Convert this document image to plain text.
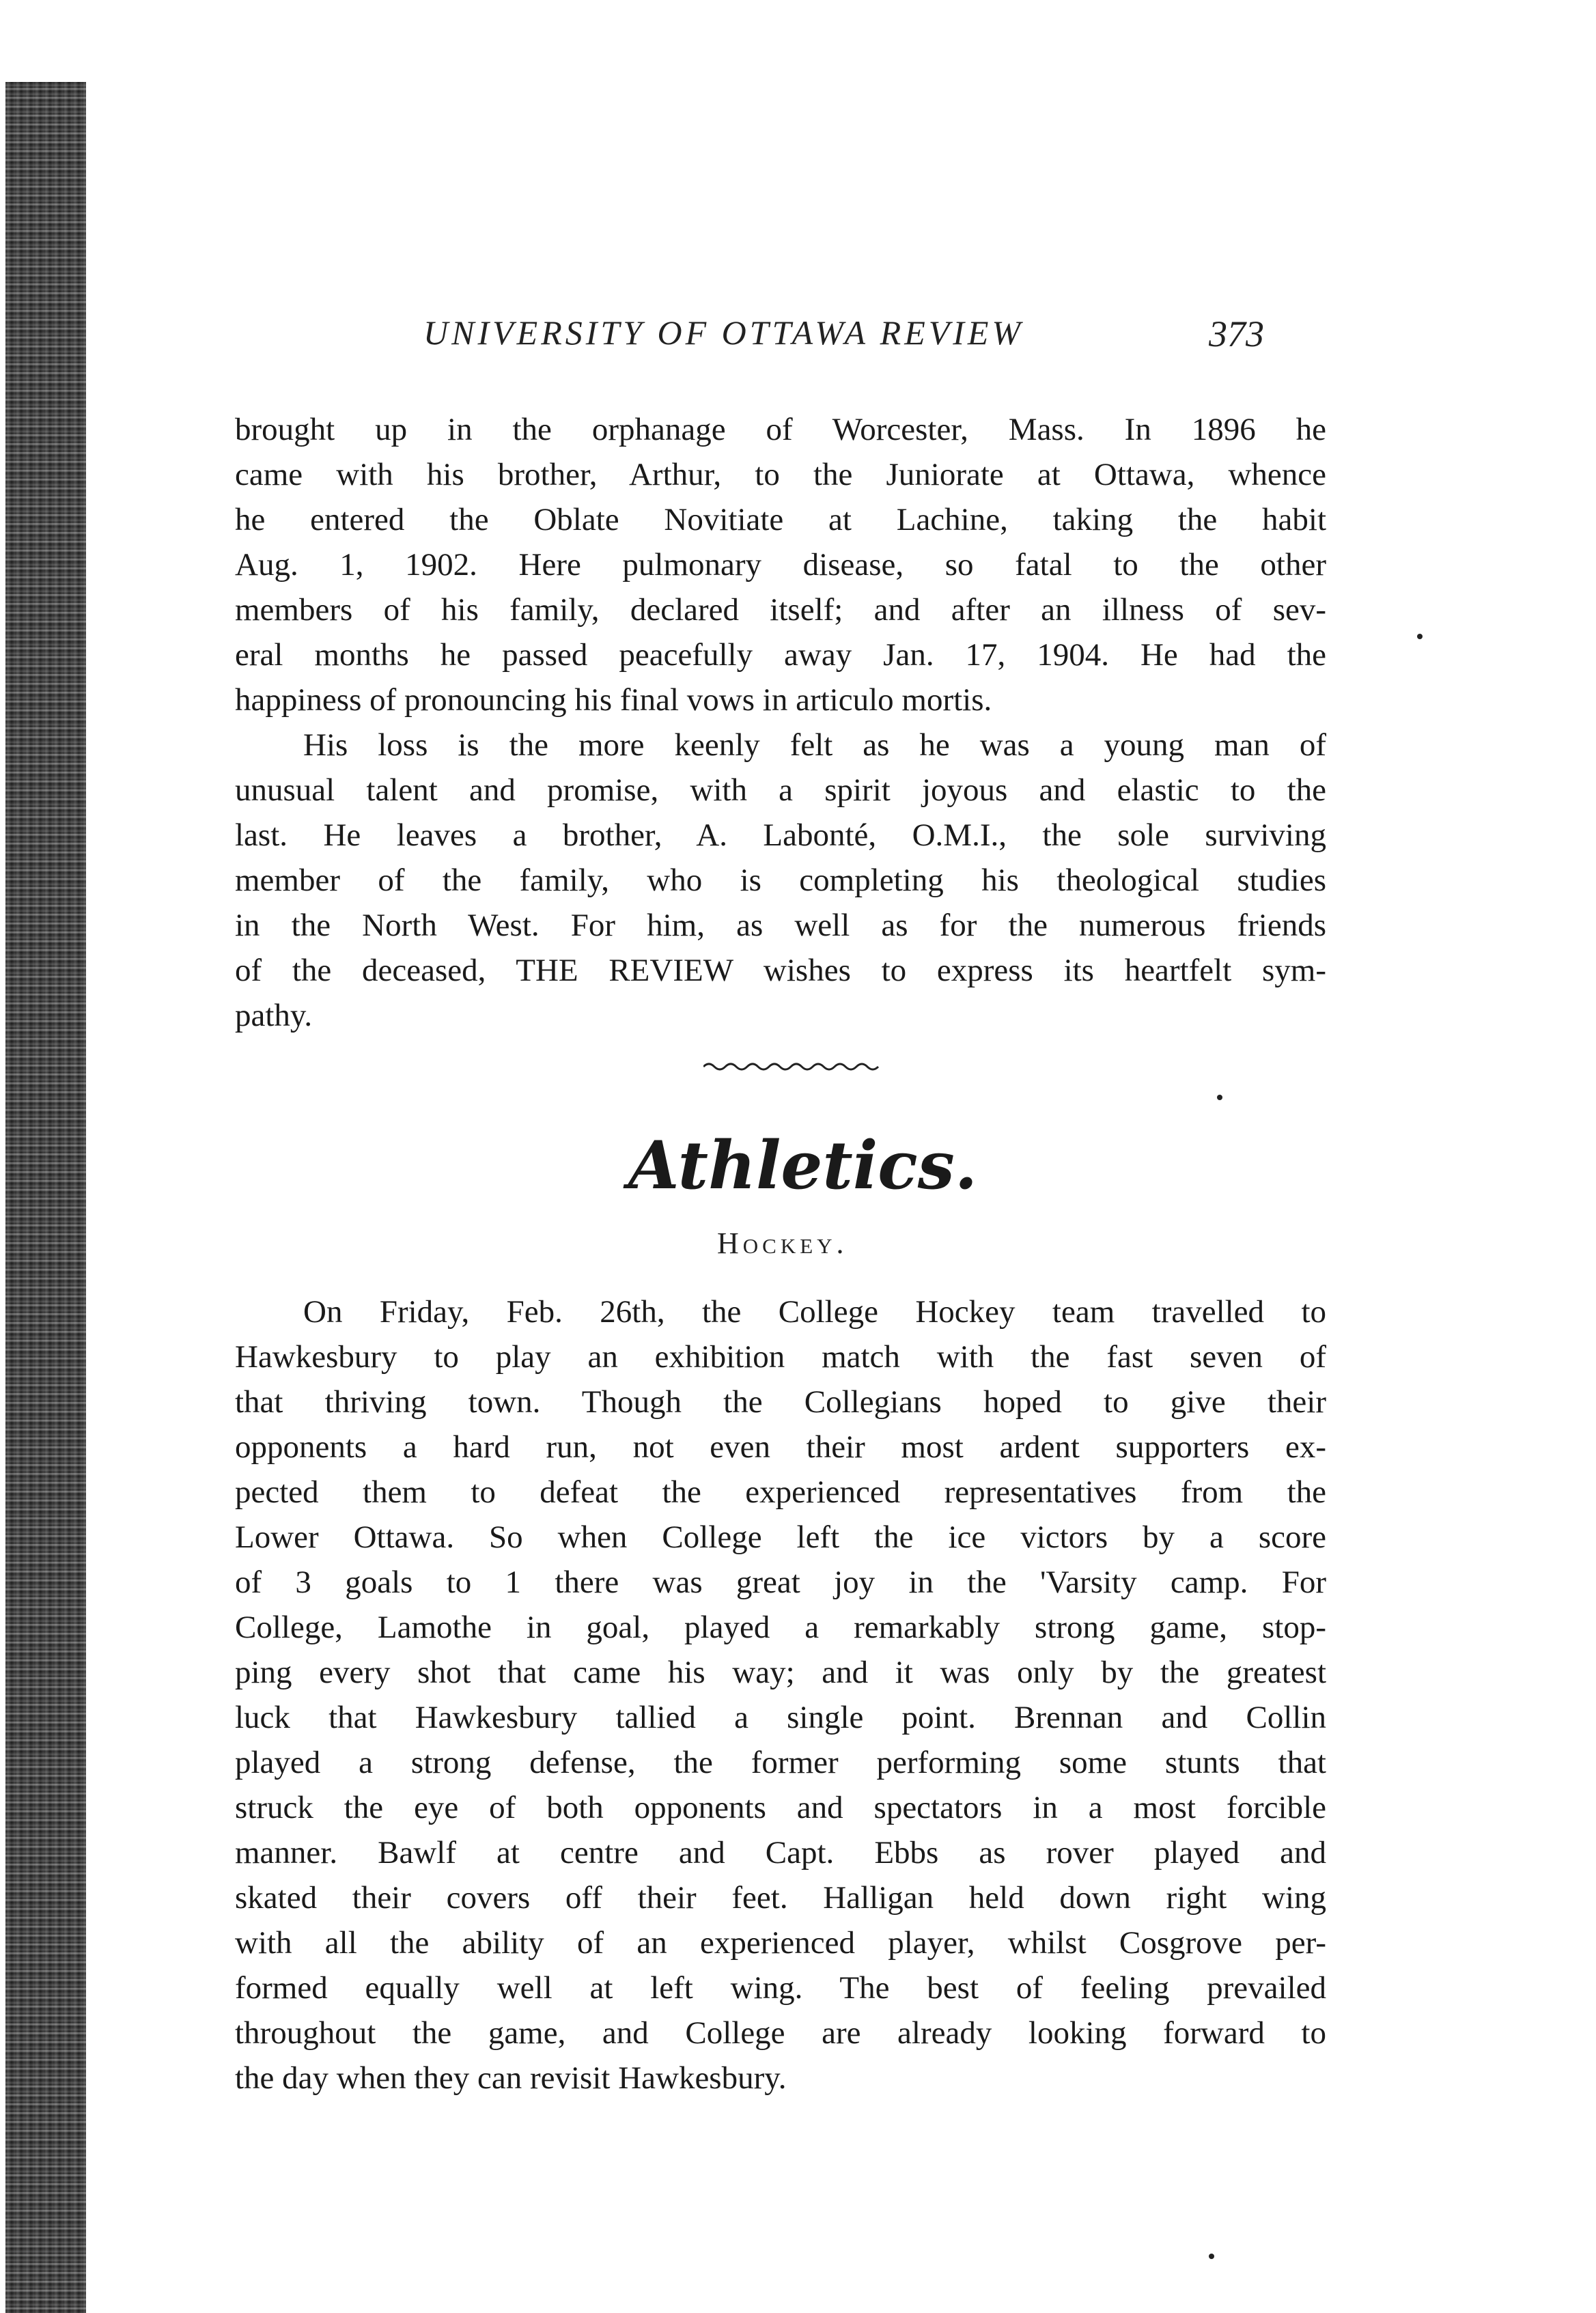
UNIVERSITY OF OTTAWA REVIEW	373
brought up in the orphanage of Worcester, Mass. In 1896 he
came with his brother, Arthur, to the Juniorate at Ottawa, whence
he entered the Oblate Novitiate at Lachine, taking the habit
Aug. 1, 1902. Here pulmonary disease, so fatal to the other
members of his family, declared itself; and after an illness of sev-
eral months he passed peacefully away Jan. 17, 1904. He had the
happiness of pronouncing his final vows in articulo mortis.
His loss is the more keenly felt as he was a young man of
unusual talent and promise, with a spirit joyous and elastic to the
last. He leaves a brother, A. Labonté, O.M.I., the sole surviving
member of the family, who is completing his theological studies
in the North West. For him, as well as for the numerous friends
of the deceased, THE REVIEW wishes to express its heartfelt sym-
pathy.
Athletics.
Hockey.
On Friday, Feb. 26th, the College Hockey team travelled to
Hawkesbury to play an exhibition match with the fast seven of
that thriving town. Though the Collegians hoped to give their
opponents a hard run, not even their most ardent supporters ex-
pected them to defeat the experienced representatives from the
Lower Ottawa. So when College left the ice victors by a score
of 3 goals to 1 there was great joy in the 'Varsity camp. For
College, Lamothe in goal, played a remarkably strong game, stop-
ping every shot that came his way; and it was only by the greatest
luck that Hawkesbury tallied a single point. Brennan and Collin
played a strong defense, the former performing some stunts that
struck the eye of both opponents and spectators in a most forcible
manner. Bawlf at centre and Capt. Ebbs as rover played and
skated their covers off their feet. Halligan held down right wing
with all the ability of an experienced player, whilst Cosgrove per-
formed equally well at left wing. The best of feeling prevailed
throughout the game, and College are already looking forward to
the day when they can revisit Hawkesbury.
